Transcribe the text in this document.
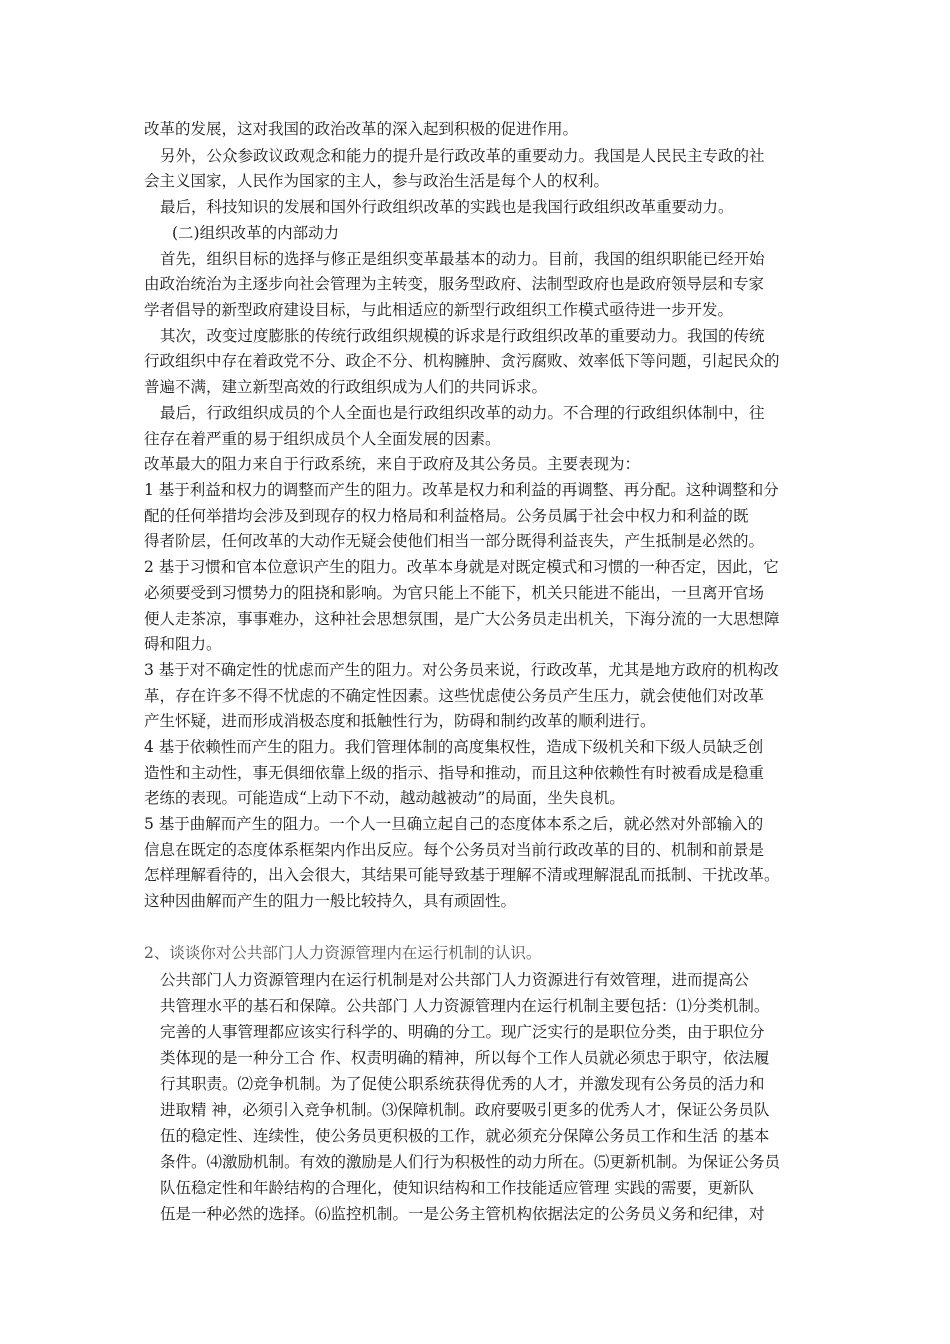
改革的发展，这对我国的政治改革的深入起到积极的促进作用。
另外，公众参政议政观念和能力的提升是行政改革的重要动力。我国是人民民主专政的社
会主义国家，人民作为国家的主人，参与政治生活是每个人的权利。
最后，科技知识的发展和国外行政组织改革的实践也是我国行政组织改革重要动力。
(二)组织改革的内部动力
首先，组织目标的选择与修正是组织变革最基本的动力。目前，我国的组织职能已经开始
由政治统治为主逐步向社会管理为主转变，服务型政府、法制型政府也是政府领导层和专家
学者倡导的新型政府建设目标，与此相适应的新型行政组织工作模式亟待进一步开发。
其次，改变过度膨胀的传统行政组织规模的诉求是行政组织改革的重要动力。我国的传统
行政组织中存在着政党不分、政企不分、机构臃肿、贪污腐败、效率低下等问题，引起民众的
普遍不满，建立新型高效的行政组织成为人们的共同诉求。
最后，行政组织成员的个人全面也是行政组织改革的动力。不合理的行政组织体制中，往
往存在着严重的易于组织成员个人全面发展的因素。
改革最大的阻力来自于行政系统，来自于政府及其公务员。主要表现为：
1 基于利益和权力的调整而产生的阻力。改革是权力和利益的再调整、再分配。这种调整和分
配的任何举措均会涉及到现存的权力格局和利益格局。公务员属于社会中权力和利益的既
得者阶层，任何改革的大动作无疑会使他们相当一部分既得利益丧失，产生抵制是必然的。
2 基于习惯和官本位意识产生的阻力。改革本身就是对既定模式和习惯的一种否定，因此，它
必须要受到习惯势力的阻挠和影响。为官只能上不能下，机关只能进不能出，一旦离开官场
便人走茶凉，事事难办，这种社会思想氛围，是广大公务员走出机关，下海分流的一大思想障
碍和阻力。
3 基于对不确定性的忧虑而产生的阻力。对公务员来说，行政改革，尤其是地方政府的机构改
革，存在许多不得不忧虑的不确定性因素。这些忧虑使公务员产生压力，就会使他们对改革
产生怀疑，进而形成消极态度和抵触性行为，防碍和制约改革的顺利进行。
4 基于依赖性而产生的阻力。我们管理体制的高度集权性，造成下级机关和下级人员缺乏创
造性和主动性，事无俱细依靠上级的指示、指导和推动，而且这种依赖性有时被看成是稳重
老练的表现。可能造成“上动下不动，越动越被动”的局面，坐失良机。
5 基于曲解而产生的阻力。一个人一旦确立起自己的态度体本系之后，就必然对外部输入的
信息在既定的态度体系框架内作出反应。每个公务员对当前行政改革的目的、机制和前景是
怎样理解看待的，出入会很大，其结果可能导致基于理解不清或理解混乱而抵制、干扰改革。
这种因曲解而产生的阻力一般比较持久，具有顽固性。
2、谈谈你对公共部门人力资源管理内在运行机制的认识。
公共部门人力资源管理内在运行机制是对公共部门人力资源进行有效管理，进而提高公
共管理水平的基石和保障。公共部门 人力资源管理内在运行机制主要包括：⑴分类机制。
完善的人事管理都应该实行科学的、明确的分工。现广泛实行的是职位分类，由于职位分
类体现的是一种分工合 作、权责明确的精神，所以每个工作人员就必须忠于职守，依法履
行其职责。⑵竞争机制。为了促使公职系统获得优秀的人才，并激发现有公务员的活力和
进取精 神，必须引入竞争机制。⑶保障机制。政府要吸引更多的优秀人才，保证公务员队
伍的稳定性、连续性，使公务员更积极的工作，就必须充分保障公务员工作和生活 的基本
条件。⑷激励机制。有效的激励是人们行为积极性的动力所在。⑸更新机制。为保证公务员
队伍稳定性和年龄结构的合理化，使知识结构和工作技能适应管理 实践的需要，更新队
伍是一种必然的选择。⑹监控机制。一是公务主管机构依据法定的公务员义务和纪律，对
